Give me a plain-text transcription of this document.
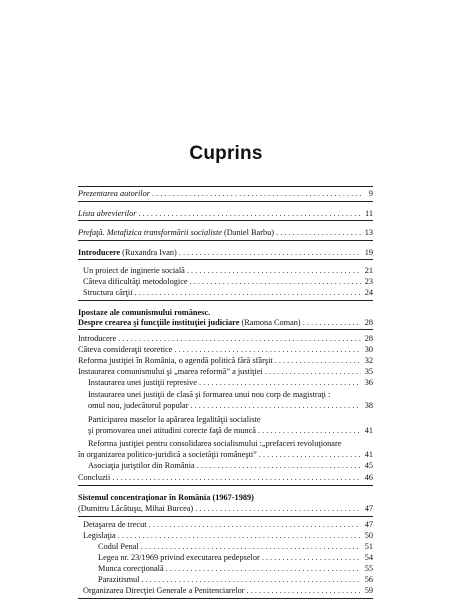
Cuprins
Prezentarea autorilor . . .	9
Lista abrevierilor . . .	11
Prefaţă. Metafizica transformării socialiste (Daniel Barbu) . . .	13
Introducere (Ruxandra Ivan) . . .	19
Un proiect de inginerie socială . . .	21
Câteva dificultăţi metodologice . . .	23
Structura cărţii . . .	24
Ipostaze ale comunismului românesc.
Despre crearea şi funcţiile instituţiei judiciare (Ramona Coman) . . .	28
Introducere . . .	28
Câteva consideraţii teoretice . . .	30
Reforma justiţiei în România, o agendă politică fără sfârşit . . .	32
Instaurarea comunismului şi „marea reformă” a justiţiei . . .	35
Instaurarea unei justiţii represive . . .	36
Instaurarea unei justiţii de clasă şi formarea unui nou corp de magistraţi :
omul nou, judecătorul popular . . .	38
Participarea maselor la apărarea legalităţii socialiste
şi promovarea unei atitudini corecte faţă de muncă . . .	41
Reforma justiţiei pentru consolidarea socialismului :„prefaceri revoluţionare
în organizarea politico-juridică a societăţii româneşti” . . .	41
Asociaţia juriştilor din România . . .	45
Concluzii . . .	46
Sistemul concentraţionar în România (1967-1989)
(Dumitru Lăcătuşu, Mihai Burcea) . . .	47
Detaşarea de trecut . . .	47
Legislaţia . . .	50
Codul Penal . . .	51
Legea nr. 23/1969 privind executarea pedepselor . . .	54
Munca corecţională . . .	55
Parazitismul . . .	56
Organizarea Direcţiei Generale a Penitenciarelor . . .	59
